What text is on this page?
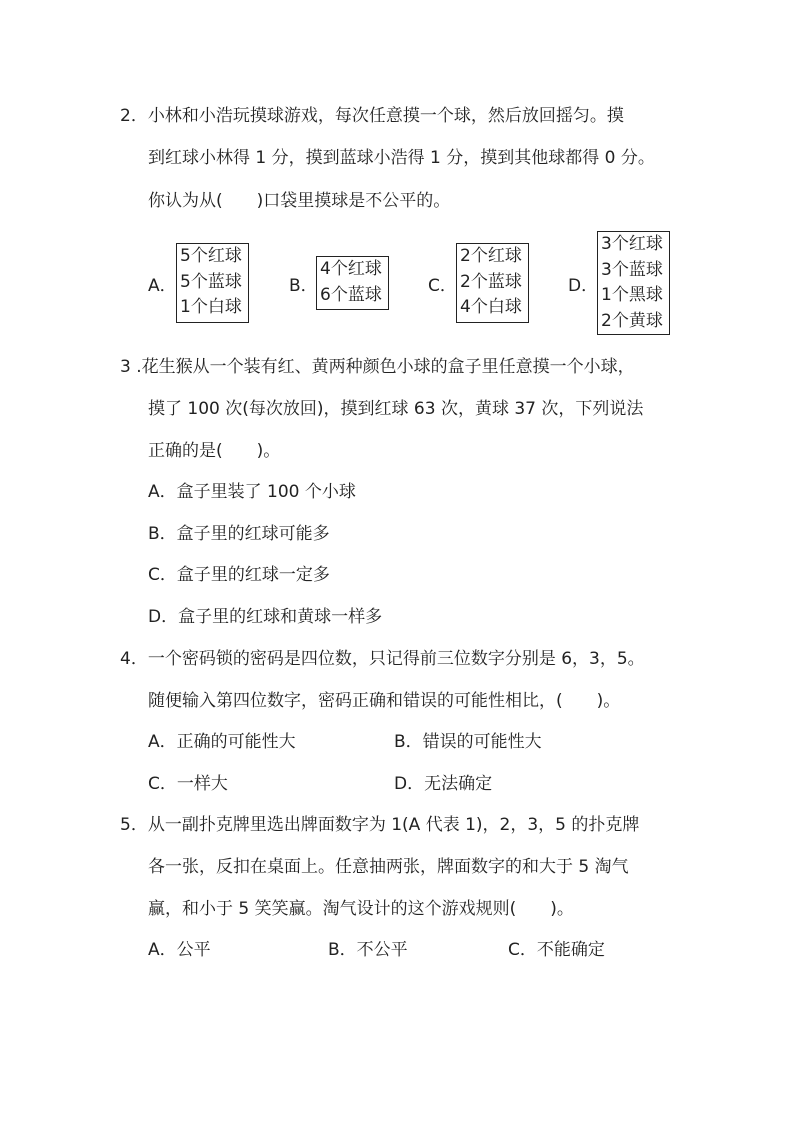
2．小林和小浩玩摸球游戏，每次任意摸一个球，然后放回摇匀。摸
到红球小林得 1 分，摸到蓝球小浩得 1 分，摸到其他球都得 0 分。
你认为从(　　)口袋里摸球是不公平的。
A．
5个红球
5个蓝球
1个白球
B．
4个红球
6个蓝球	C．
2个红球
2个蓝球
4个白球
D．
3个红球
3个蓝球
1个黑球
2个黄球
3 .花生猴从一个装有红、黄两种颜色小球的盒子里任意摸一个小球，
摸了 100 次(每次放回)，摸到红球 63 次，黄球 37 次，下列说法
正确的是(　　)。
A．盒子里装了 100 个小球
B．盒子里的红球可能多
C．盒子里的红球一定多
D．盒子里的红球和黄球一样多
4．一个密码锁的密码是四位数，只记得前三位数字分别是 6，3，5。
随便输入第四位数字，密码正确和错误的可能性相比，(　　)。
A．正确的可能性大	B．错误的可能性大
C．一样大	D．无法确定
5．从一副扑克牌里选出牌面数字为 1(A 代表 1)，2，3，5 的扑克牌
各一张，反扣在桌面上。任意抽两张，牌面数字的和大于 5 淘气
赢，和小于 5 笑笑赢。淘气设计的这个游戏规则(　　)。
A．公平	B．不公平	C．不能确定
